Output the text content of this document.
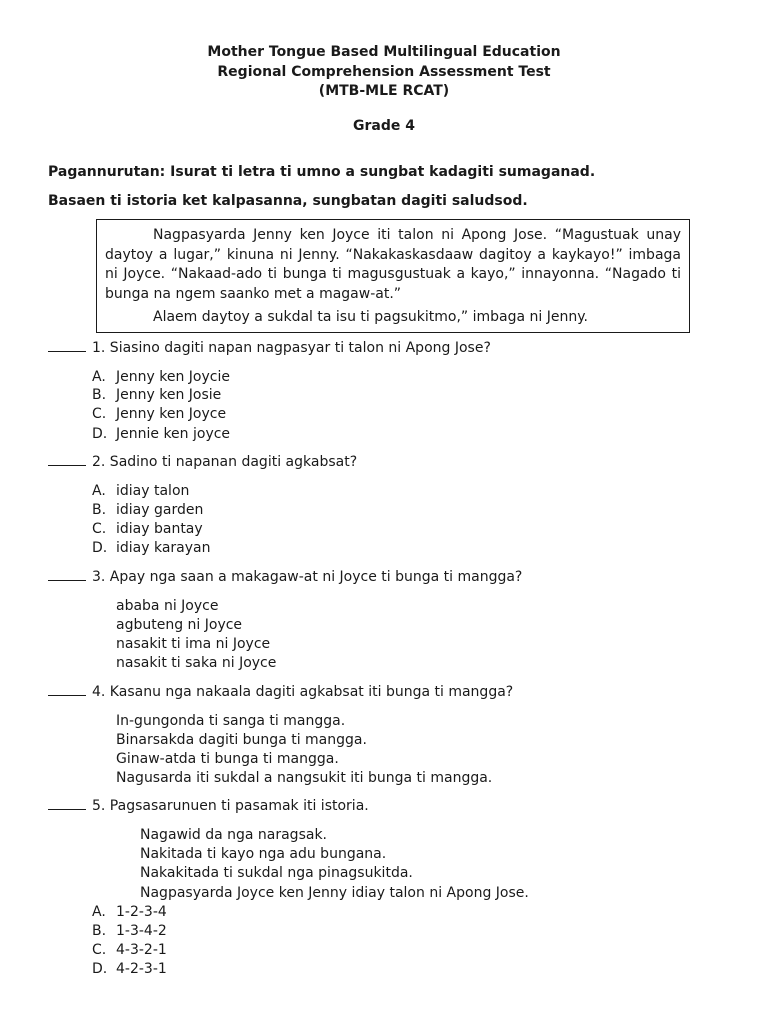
Mother Tongue Based Multilingual Education
Regional Comprehension Assessment Test
(MTB-MLE RCAT)
Grade 4
Pagannurutan: Isurat ti letra ti umno a sungbat kadagiti sumaganad.
Basaen ti istoria ket kalpasanna, sungbatan dagiti saludsod.

Nagpasyarda Jenny ken Joyce iti talon ni Apong Jose. “Magustuak unay daytoy a lugar,” kinuna ni Jenny. “Nakakaskasdaaw dagitoy a kaykayo!” imbaga ni Joyce. “Nakaad-ado ti bunga ti magusgustuak a kayo,” innayonna. “Nagado ti bunga na ngem saanko met a magaw-at.”

Alaem daytoy a sukdal ta isu ti pagsukitmo,” imbaga ni Jenny.

1. Siasino dagiti napan nagpasyar ti talon ni Apong Jose?
A. Jenny ken Joycie
B. Jenny ken Josie
C. Jenny ken Joyce
D. Jennie ken joyce
2. Sadino ti napanan dagiti agkabsat?
A. idiay talon
B. idiay garden
C. idiay bantay
D. idiay karayan
3. Apay nga saan a makagaw-at ni Joyce ti bunga ti mangga?
ababa ni Joyce
agbuteng ni Joyce
nasakit ti ima ni Joyce
nasakit ti saka ni Joyce
4. Kasanu nga nakaala dagiti agkabsat iti bunga ti mangga?
In-gungonda ti sanga ti mangga.
Binarsakda dagiti bunga ti mangga.
Ginaw-atda ti bunga ti mangga.
Nagusarda iti sukdal a nangsukit iti bunga ti mangga.
5. Pagsasarunuen ti pasamak iti istoria.
Nagawid da nga naragsak.
Nakitada ti kayo nga adu bungana.
Nakakitada ti sukdal nga pinagsukitda.
Nagpasyarda Joyce ken Jenny idiay talon ni Apong Jose.
A. 1-2-3-4
B. 1-3-4-2
C. 4-3-2-1
D. 4-2-3-1
